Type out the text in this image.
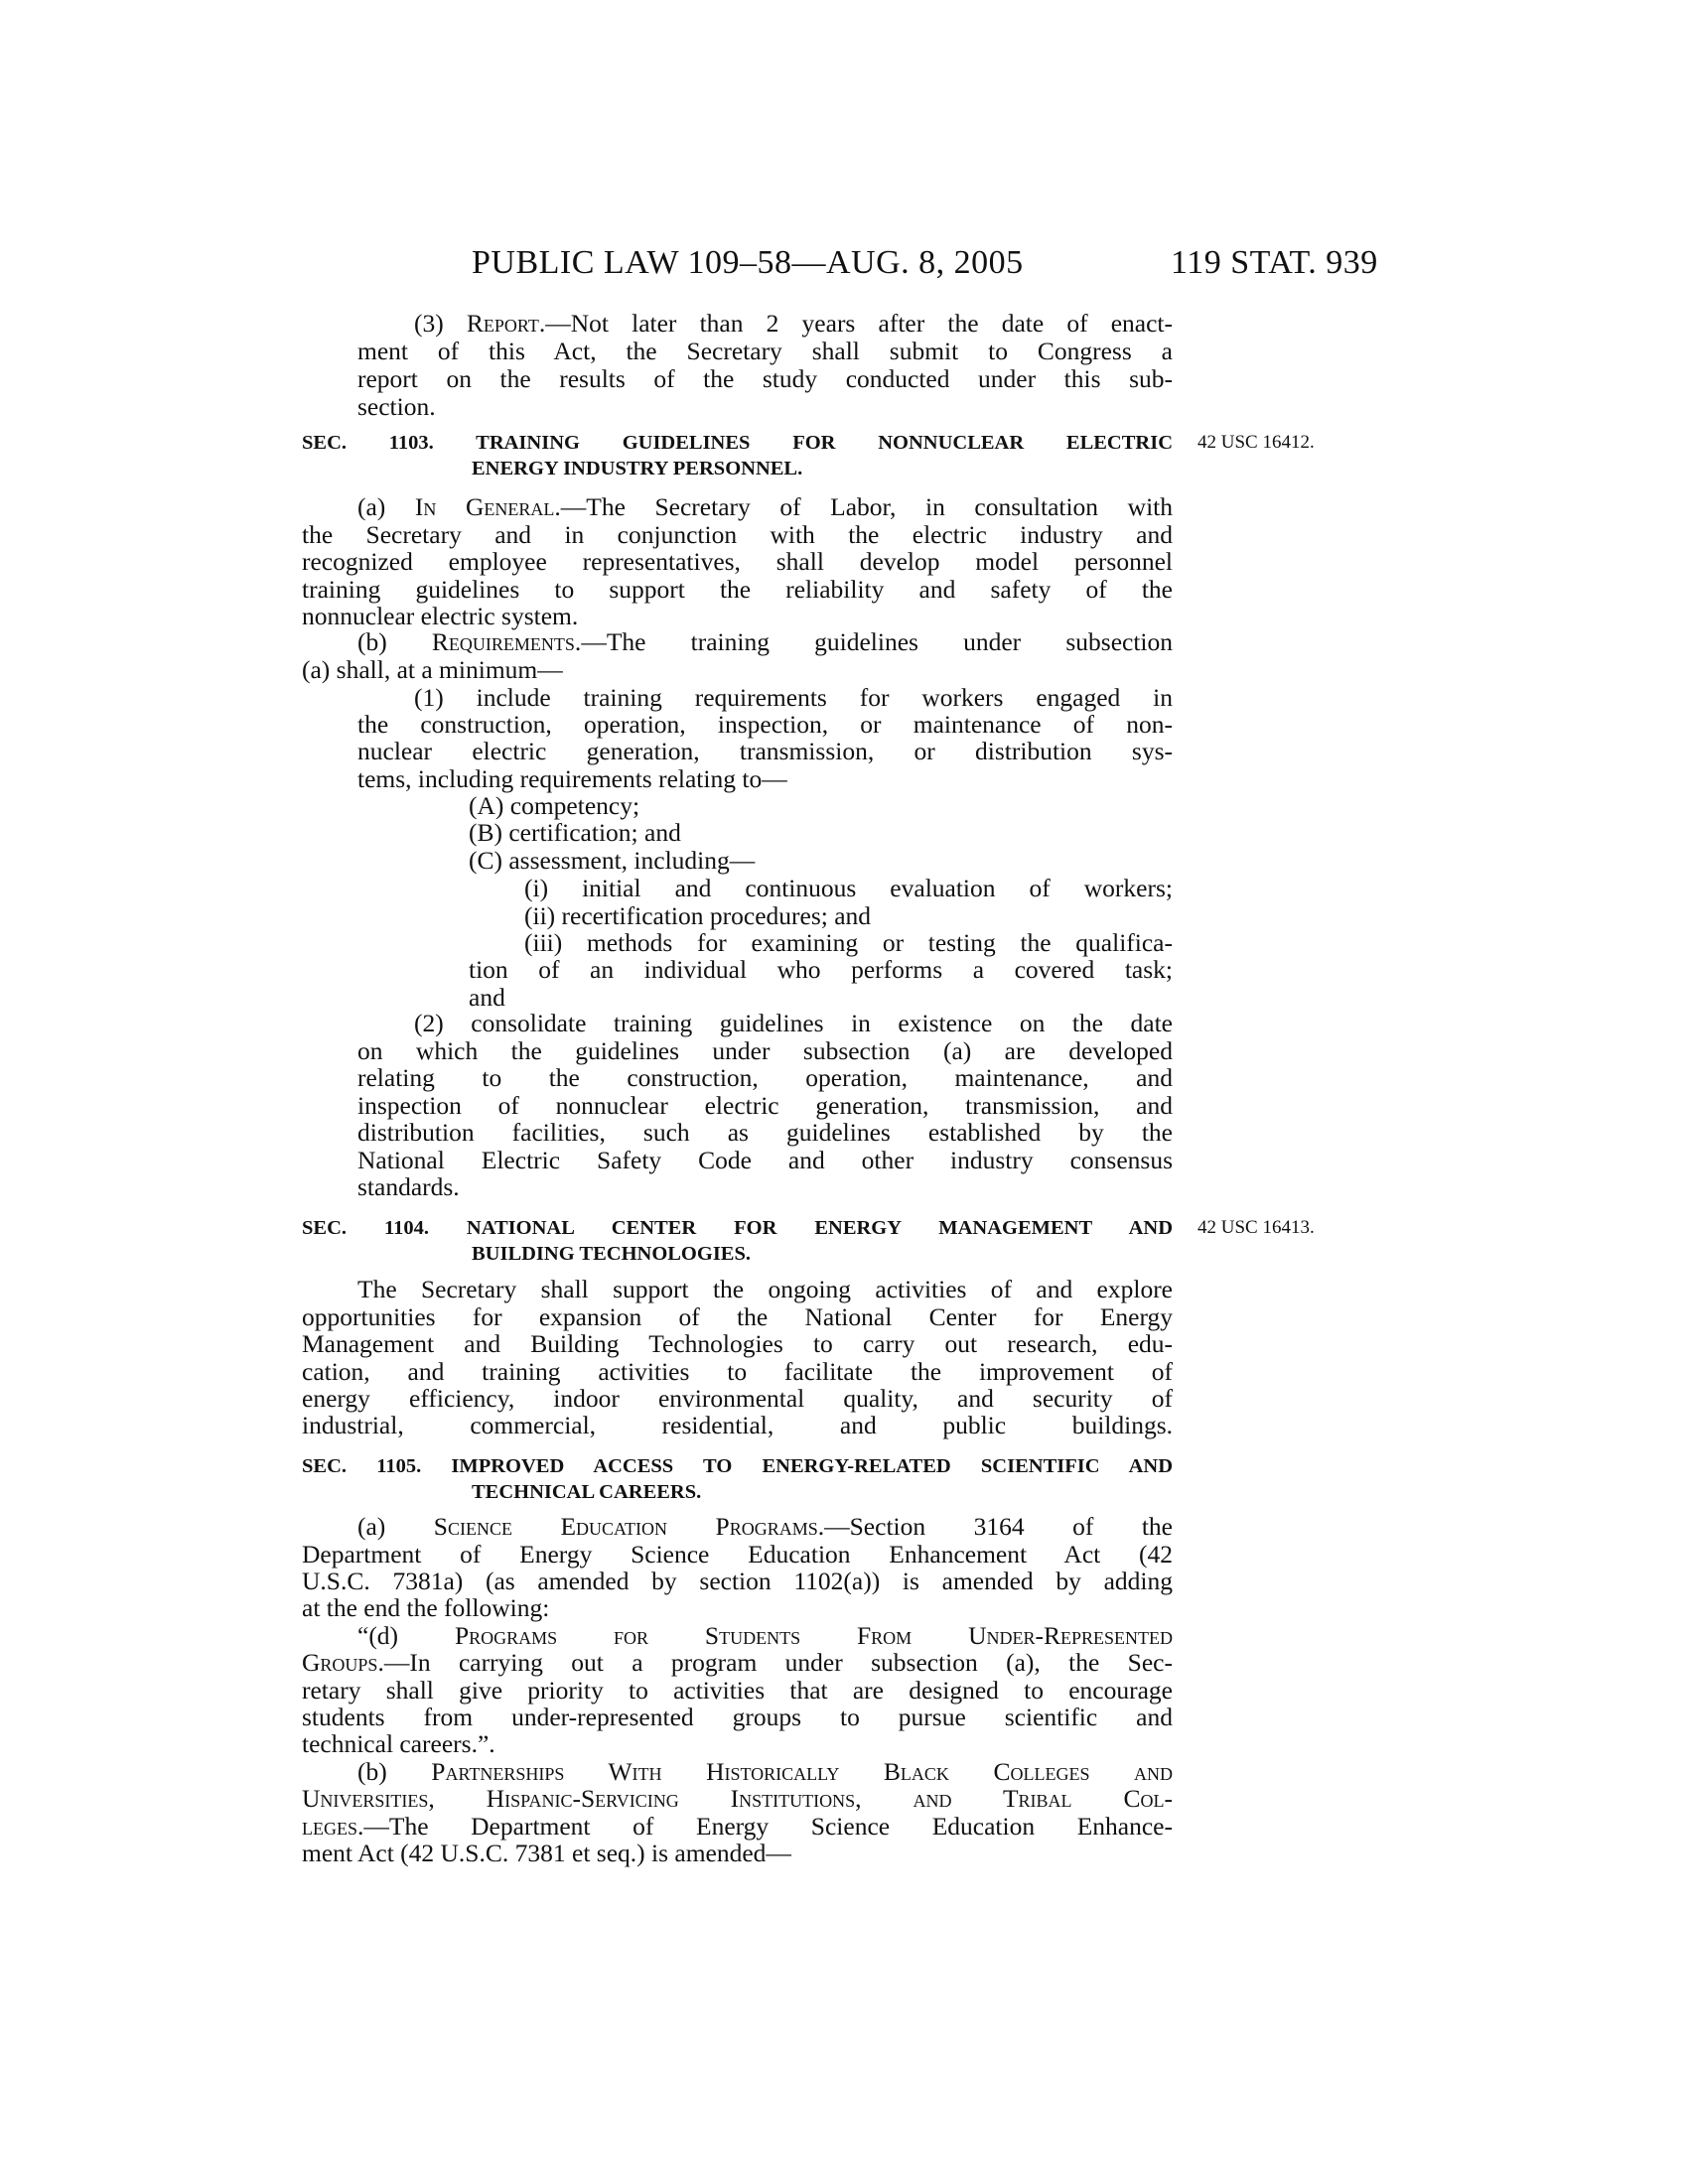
PUBLIC LAW 109–58—AUG. 8, 2005	119 STAT. 939
42 USC 16412.
42 USC 16413.
(3) Report.—Not later than 2 years after the date of enact-
ment of this Act, the Secretary shall submit to Congress a
report on the results of the study conducted under this sub-
section.
SEC. 1103. TRAINING GUIDELINES FOR NONNUCLEAR ELECTRIC
ENERGY INDUSTRY PERSONNEL.
(a) In General.—The Secretary of Labor, in consultation with
the Secretary and in conjunction with the electric industry and
recognized employee representatives, shall develop model personnel
training guidelines to support the reliability and safety of the
nonnuclear electric system.
(b) Requirements.—The training guidelines under subsection
(a) shall, at a minimum—
(1) include training requirements for workers engaged in
the construction, operation, inspection, or maintenance of non-
nuclear electric generation, transmission, or distribution sys-
tems, including requirements relating to—
(A) competency;
(B) certification; and
(C) assessment, including—
(i) initial and continuous evaluation of workers;
(ii) recertification procedures; and
(iii) methods for examining or testing the qualifica-
tion of an individual who performs a covered task;
and
(2) consolidate training guidelines in existence on the date
on which the guidelines under subsection (a) are developed
relating to the construction, operation, maintenance, and
inspection of nonnuclear electric generation, transmission, and
distribution facilities, such as guidelines established by the
National Electric Safety Code and other industry consensus
standards.
SEC. 1104. NATIONAL CENTER FOR ENERGY MANAGEMENT AND
BUILDING TECHNOLOGIES.
The Secretary shall support the ongoing activities of and explore
opportunities for expansion of the National Center for Energy
Management and Building Technologies to carry out research, edu-
cation, and training activities to facilitate the improvement of
energy efficiency, indoor environmental quality, and security of
industrial, commercial, residential, and public buildings.
SEC. 1105. IMPROVED ACCESS TO ENERGY-RELATED SCIENTIFIC AND
TECHNICAL CAREERS.
(a) Science Education Programs.—Section 3164 of the
Department of Energy Science Education Enhancement Act (42
U.S.C. 7381a) (as amended by section 1102(a)) is amended by adding
at the end the following:
“(d) Programs for Students From Under-Represented
Groups.—In carrying out a program under subsection (a), the Sec-
retary shall give priority to activities that are designed to encourage
students from under-represented groups to pursue scientific and
technical careers.”.
(b) Partnerships With Historically Black Colleges and
Universities, Hispanic-Servicing Institutions, and Tribal Col-
leges.—The Department of Energy Science Education Enhance-
ment Act (42 U.S.C. 7381 et seq.) is amended—
